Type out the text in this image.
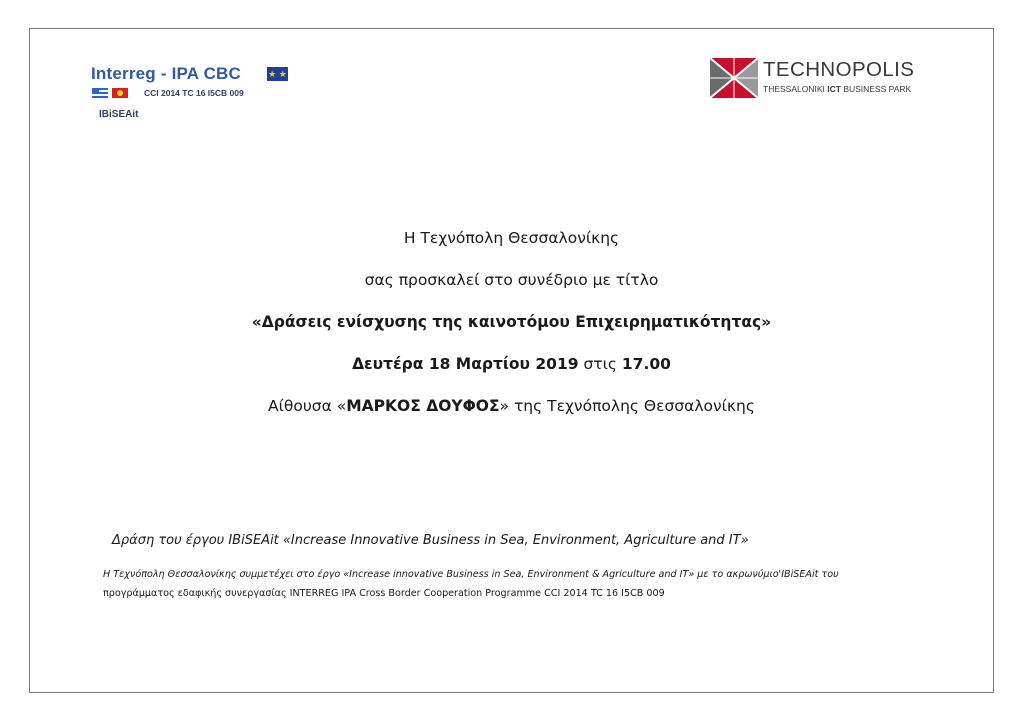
Interreg - IPA CBC	★ ★
CCI 2014 TC 16 I5CB 009
IBiSEAit
TECHNOPOLIS
THESSALONIKI ICT BUSINESS PARK
Η Τεχνόπολη Θεσσαλονίκης
σας προσκαλεί στο συνέδριο με τίτλο
«Δράσεις ενίσχυσης της καινοτόμου Επιχειρηματικότητας»
Δευτέρα 18 Μαρτίου 2019 στις 17.00
Αίθουσα «ΜΑΡΚΟΣ ΔΟΥΦΟΣ» της Τεχνόπολης Θεσσαλονίκης
Δράση του έργου IBiSEAit «Increase Innovative Business in Sea, Environment, Agriculture and IT»
Η Τεχνόπολη Θεσσαλονίκης συμμετέχει στο έργο «Increase innovative Business in Sea, Environment & Agriculture and IT» με το ακρωνύμιο'IBiSEAit του
προγράμματος εδαφικής συνεργασίας INTERREG IPA Cross Border Cooperation Programme CCI 2014 TC 16 I5CB 009
